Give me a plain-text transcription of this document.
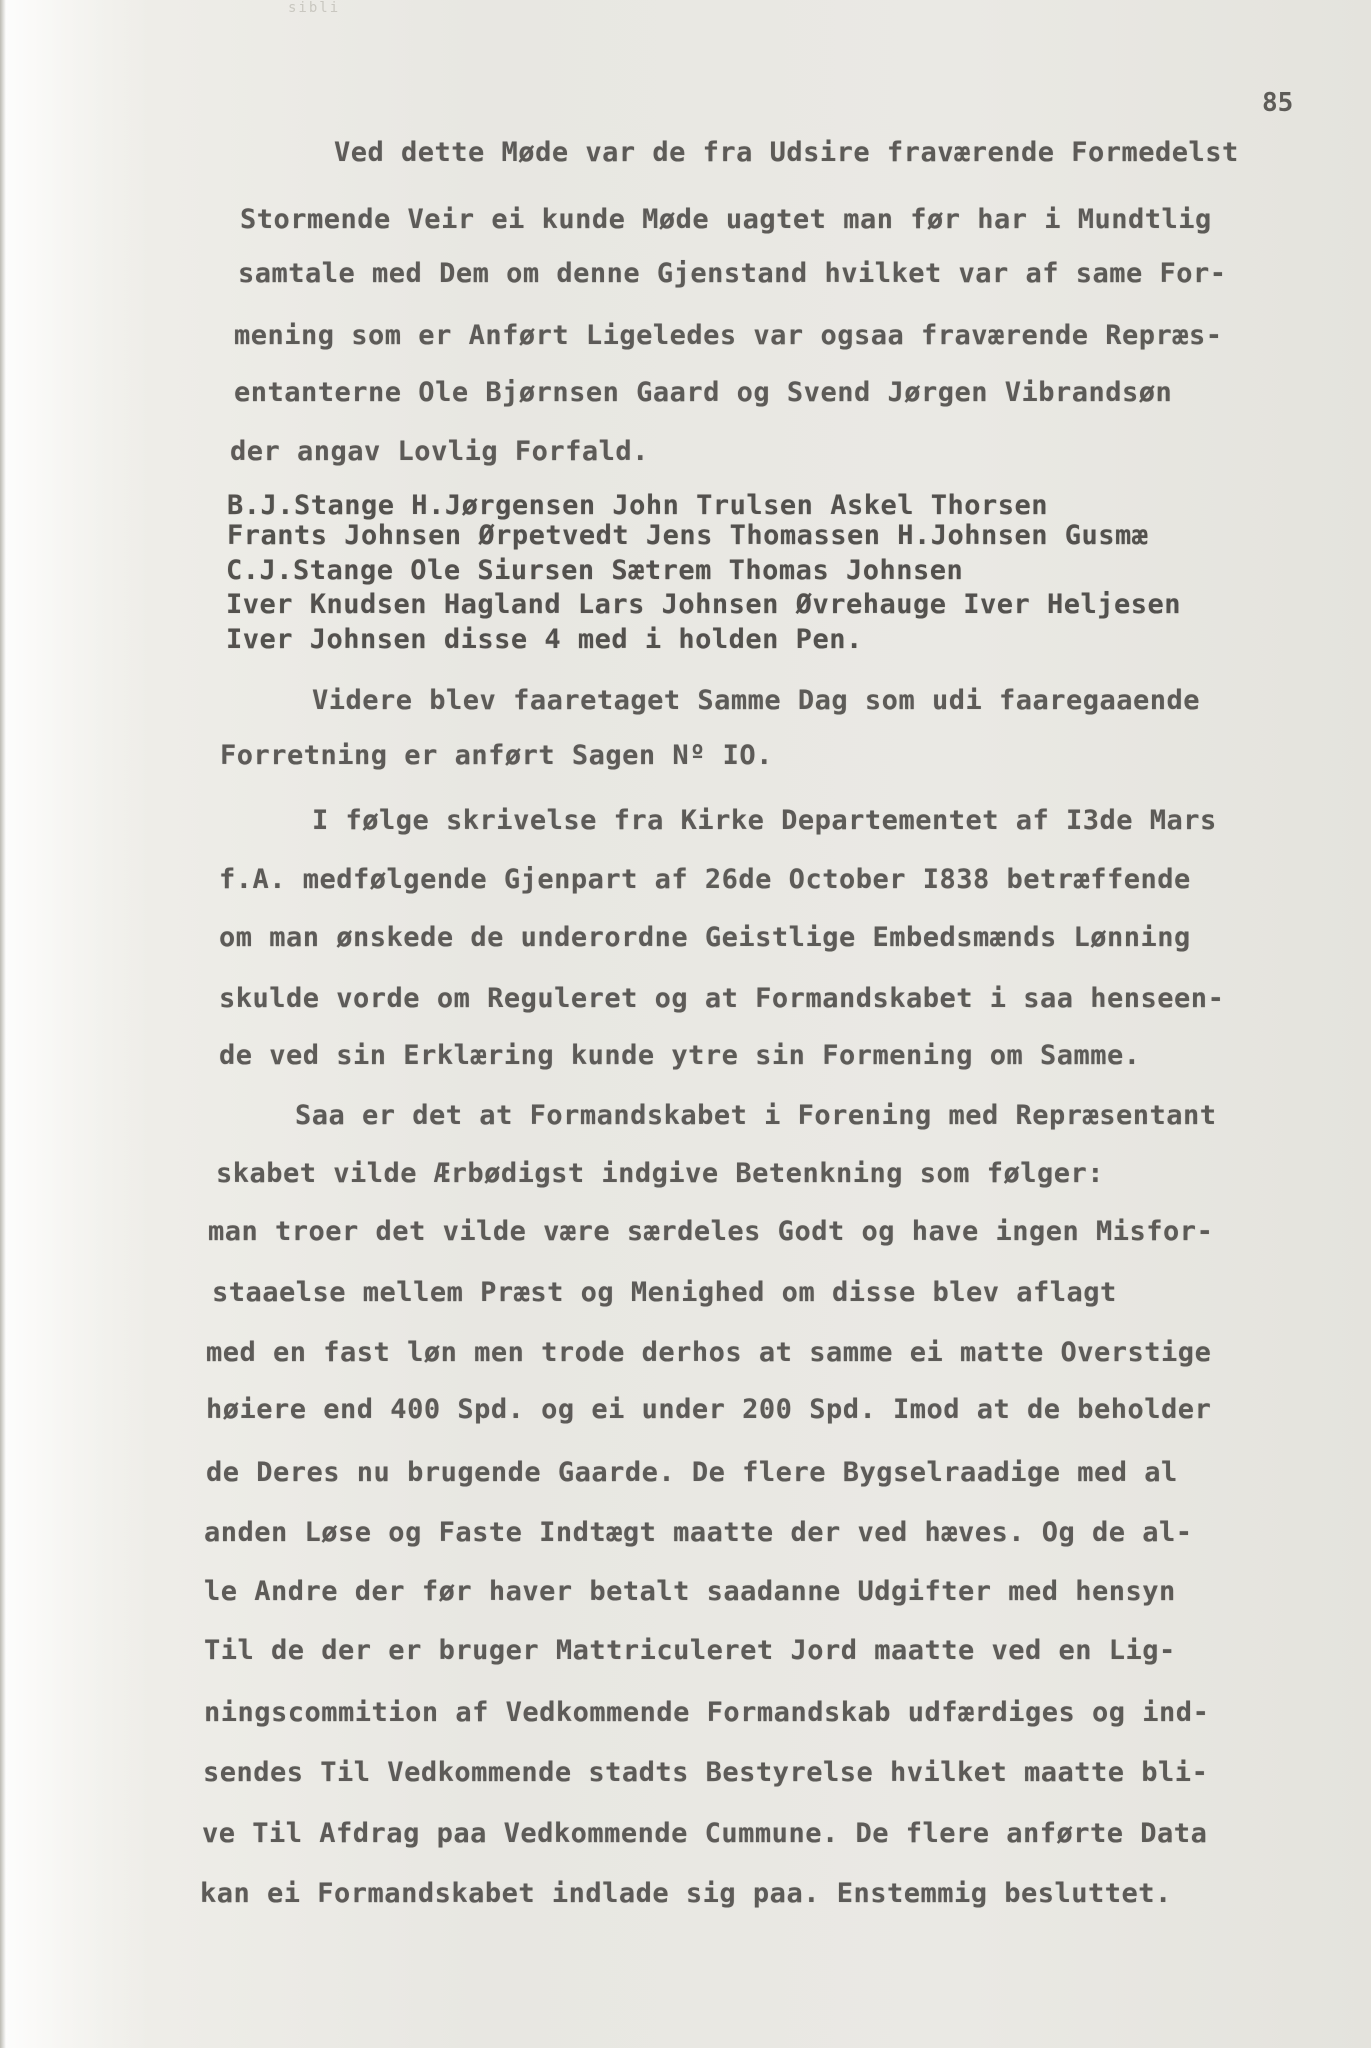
sibli
85
Ved dette Møde var de fra Udsire fraværende Formedelst
Stormende Veir ei kunde Møde uagtet man før har i Mundtlig
samtale med Dem om denne Gjenstand hvilket var af same For-
mening som er Anført Ligeledes var ogsaa fraværende Repræs-
entanterne Ole Bjørnsen Gaard og Svend Jørgen Vibrandsøn
der angav Lovlig Forfald.
B.J.Stange H.Jørgensen John Trulsen Askel Thorsen
Frants Johnsen Ørpetvedt Jens Thomassen H.Johnsen Gusmæ
C.J.Stange Ole Siursen Sætrem Thomas Johnsen
Iver Knudsen Hagland Lars Johnsen Øvrehauge Iver Heljesen
Iver Johnsen disse 4 med i holden Pen.
Videre blev faaretaget Samme Dag som udi faaregaaende
Forretning er anført Sagen Nº IO.
I følge skrivelse fra Kirke Departementet af I3de Mars
f.A. medfølgende Gjenpart af 26de October I838 betræffende
om man ønskede de underordne Geistlige Embedsmænds Lønning
skulde vorde om Reguleret og at Formandskabet i saa henseen-
de ved sin Erklæring kunde ytre sin Formening om Samme.
Saa er det at Formandskabet i Forening med Repræsentant
skabet vilde Ærbødigst indgive Betenkning som følger:
man troer det vilde være særdeles Godt og have ingen Misfor-
staaelse mellem Præst og Menighed om disse blev aflagt
med en fast løn men trode derhos at samme ei matte Overstige
høiere end 400 Spd. og ei under 200 Spd. Imod at de beholder
de Deres nu brugende Gaarde. De flere Bygselraadige med al
anden Løse og Faste Indtægt maatte der ved hæves. Og de al-
le Andre der før haver betalt saadanne Udgifter med hensyn
Til de der er bruger Mattriculeret Jord maatte ved en Lig-
ningscommition af Vedkommende Formandskab udfærdiges og ind-
sendes Til Vedkommende stadts Bestyrelse hvilket maatte bli-
ve Til Afdrag paa Vedkommende Cummune. De flere anførte Data
kan ei Formandskabet indlade sig paa. Enstemmig besluttet.
